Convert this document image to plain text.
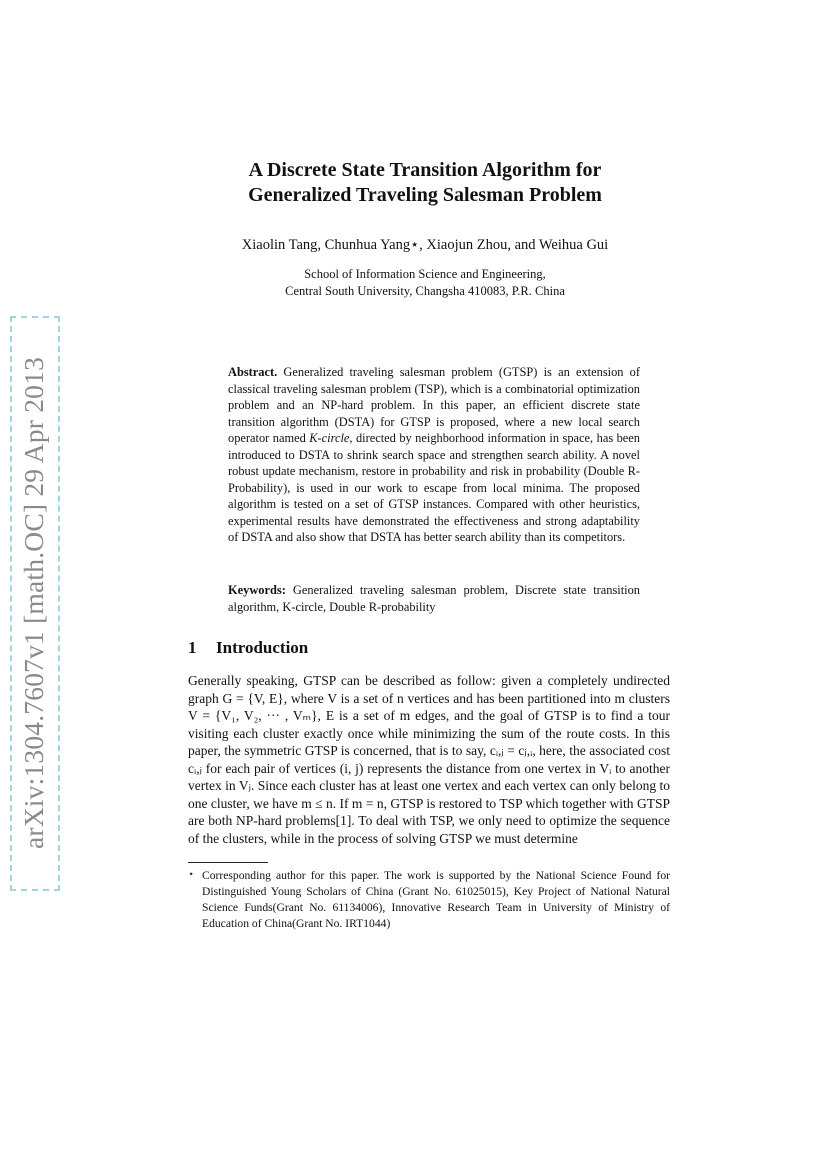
arXiv:1304.7607v1 [math.OC] 29 Apr 2013
A Discrete State Transition Algorithm for
Generalized Traveling Salesman Problem
Xiaolin Tang, Chunhua Yang⋆, Xiaojun Zhou, and Weihua Gui
School of Information Science and Engineering,
Central South University, Changsha 410083, P.R. China
Abstract. Generalized traveling salesman problem (GTSP) is an extension of classical traveling salesman problem (TSP), which is a combinatorial optimization problem and an NP-hard problem. In this paper, an efficient discrete state transition algorithm (DSTA) for GTSP is proposed, where a new local search operator named K-circle, directed by neighborhood information in space, has been introduced to DSTA to shrink search space and strengthen search ability. A novel robust update mechanism, restore in probability and risk in probability (Double R-Probability), is used in our work to escape from local minima. The proposed algorithm is tested on a set of GTSP instances. Compared with other heuristics, experimental results have demonstrated the effectiveness and strong adaptability of DSTA and also show that DSTA has better search ability than its competitors.
Keywords: Generalized traveling salesman problem, Discrete state transition algorithm, K-circle, Double R-probability
1 Introduction
Generally speaking, GTSP can be described as follow: given a completely undirected graph G = {V, E}, where V is a set of n vertices and has been partitioned into m clusters V = {V₁, V₂, ··· , Vₘ}, E is a set of m edges, and the goal of GTSP is to find a tour visiting each cluster exactly once while minimizing the sum of the route costs. In this paper, the symmetric GTSP is concerned, that is to say, cᵢ,ⱼ = cⱼ,ᵢ, here, the associated cost cᵢ,ⱼ for each pair of vertices (i, j) represents the distance from one vertex in Vᵢ to another vertex in Vⱼ. Since each cluster has at least one vertex and each vertex can only belong to one cluster, we have m ≤ n. If m = n, GTSP is restored to TSP which together with GTSP are both NP-hard problems[1]. To deal with TSP, we only need to optimize the sequence of the clusters, while in the process of solving GTSP we must determine
⋆ Corresponding author for this paper. The work is supported by the National Science Found for Distinguished Young Scholars of China (Grant No. 61025015), Key Project of National Natural Science Funds(Grant No. 61134006), Innovative Research Team in University of Ministry of Education of China(Grant No. IRT1044)
